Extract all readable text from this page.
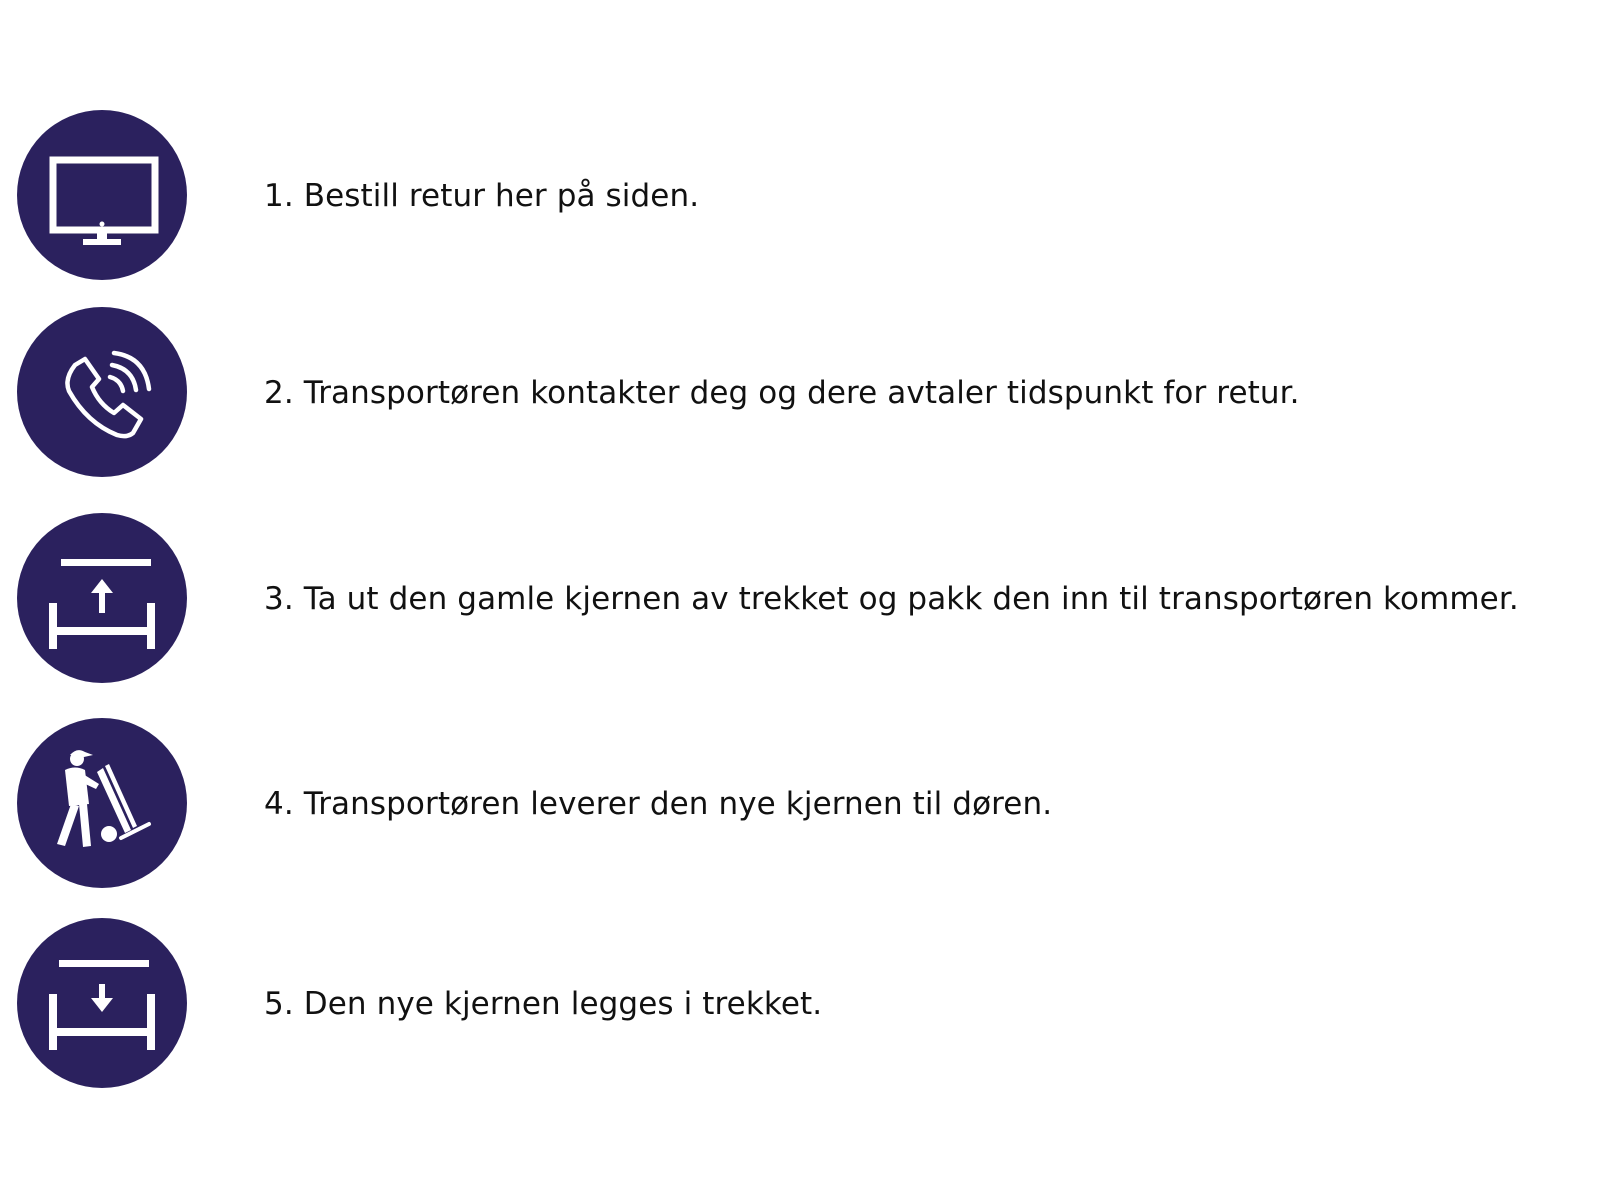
1. Bestill retur her på siden.
2. Transportøren kontakter deg og dere avtaler tidspunkt for retur.
3. Ta ut den gamle kjernen av trekket og pakk den inn til transportøren kommer.
4. Transportøren leverer den nye kjernen til døren.
5. Den nye kjernen legges i trekket.
